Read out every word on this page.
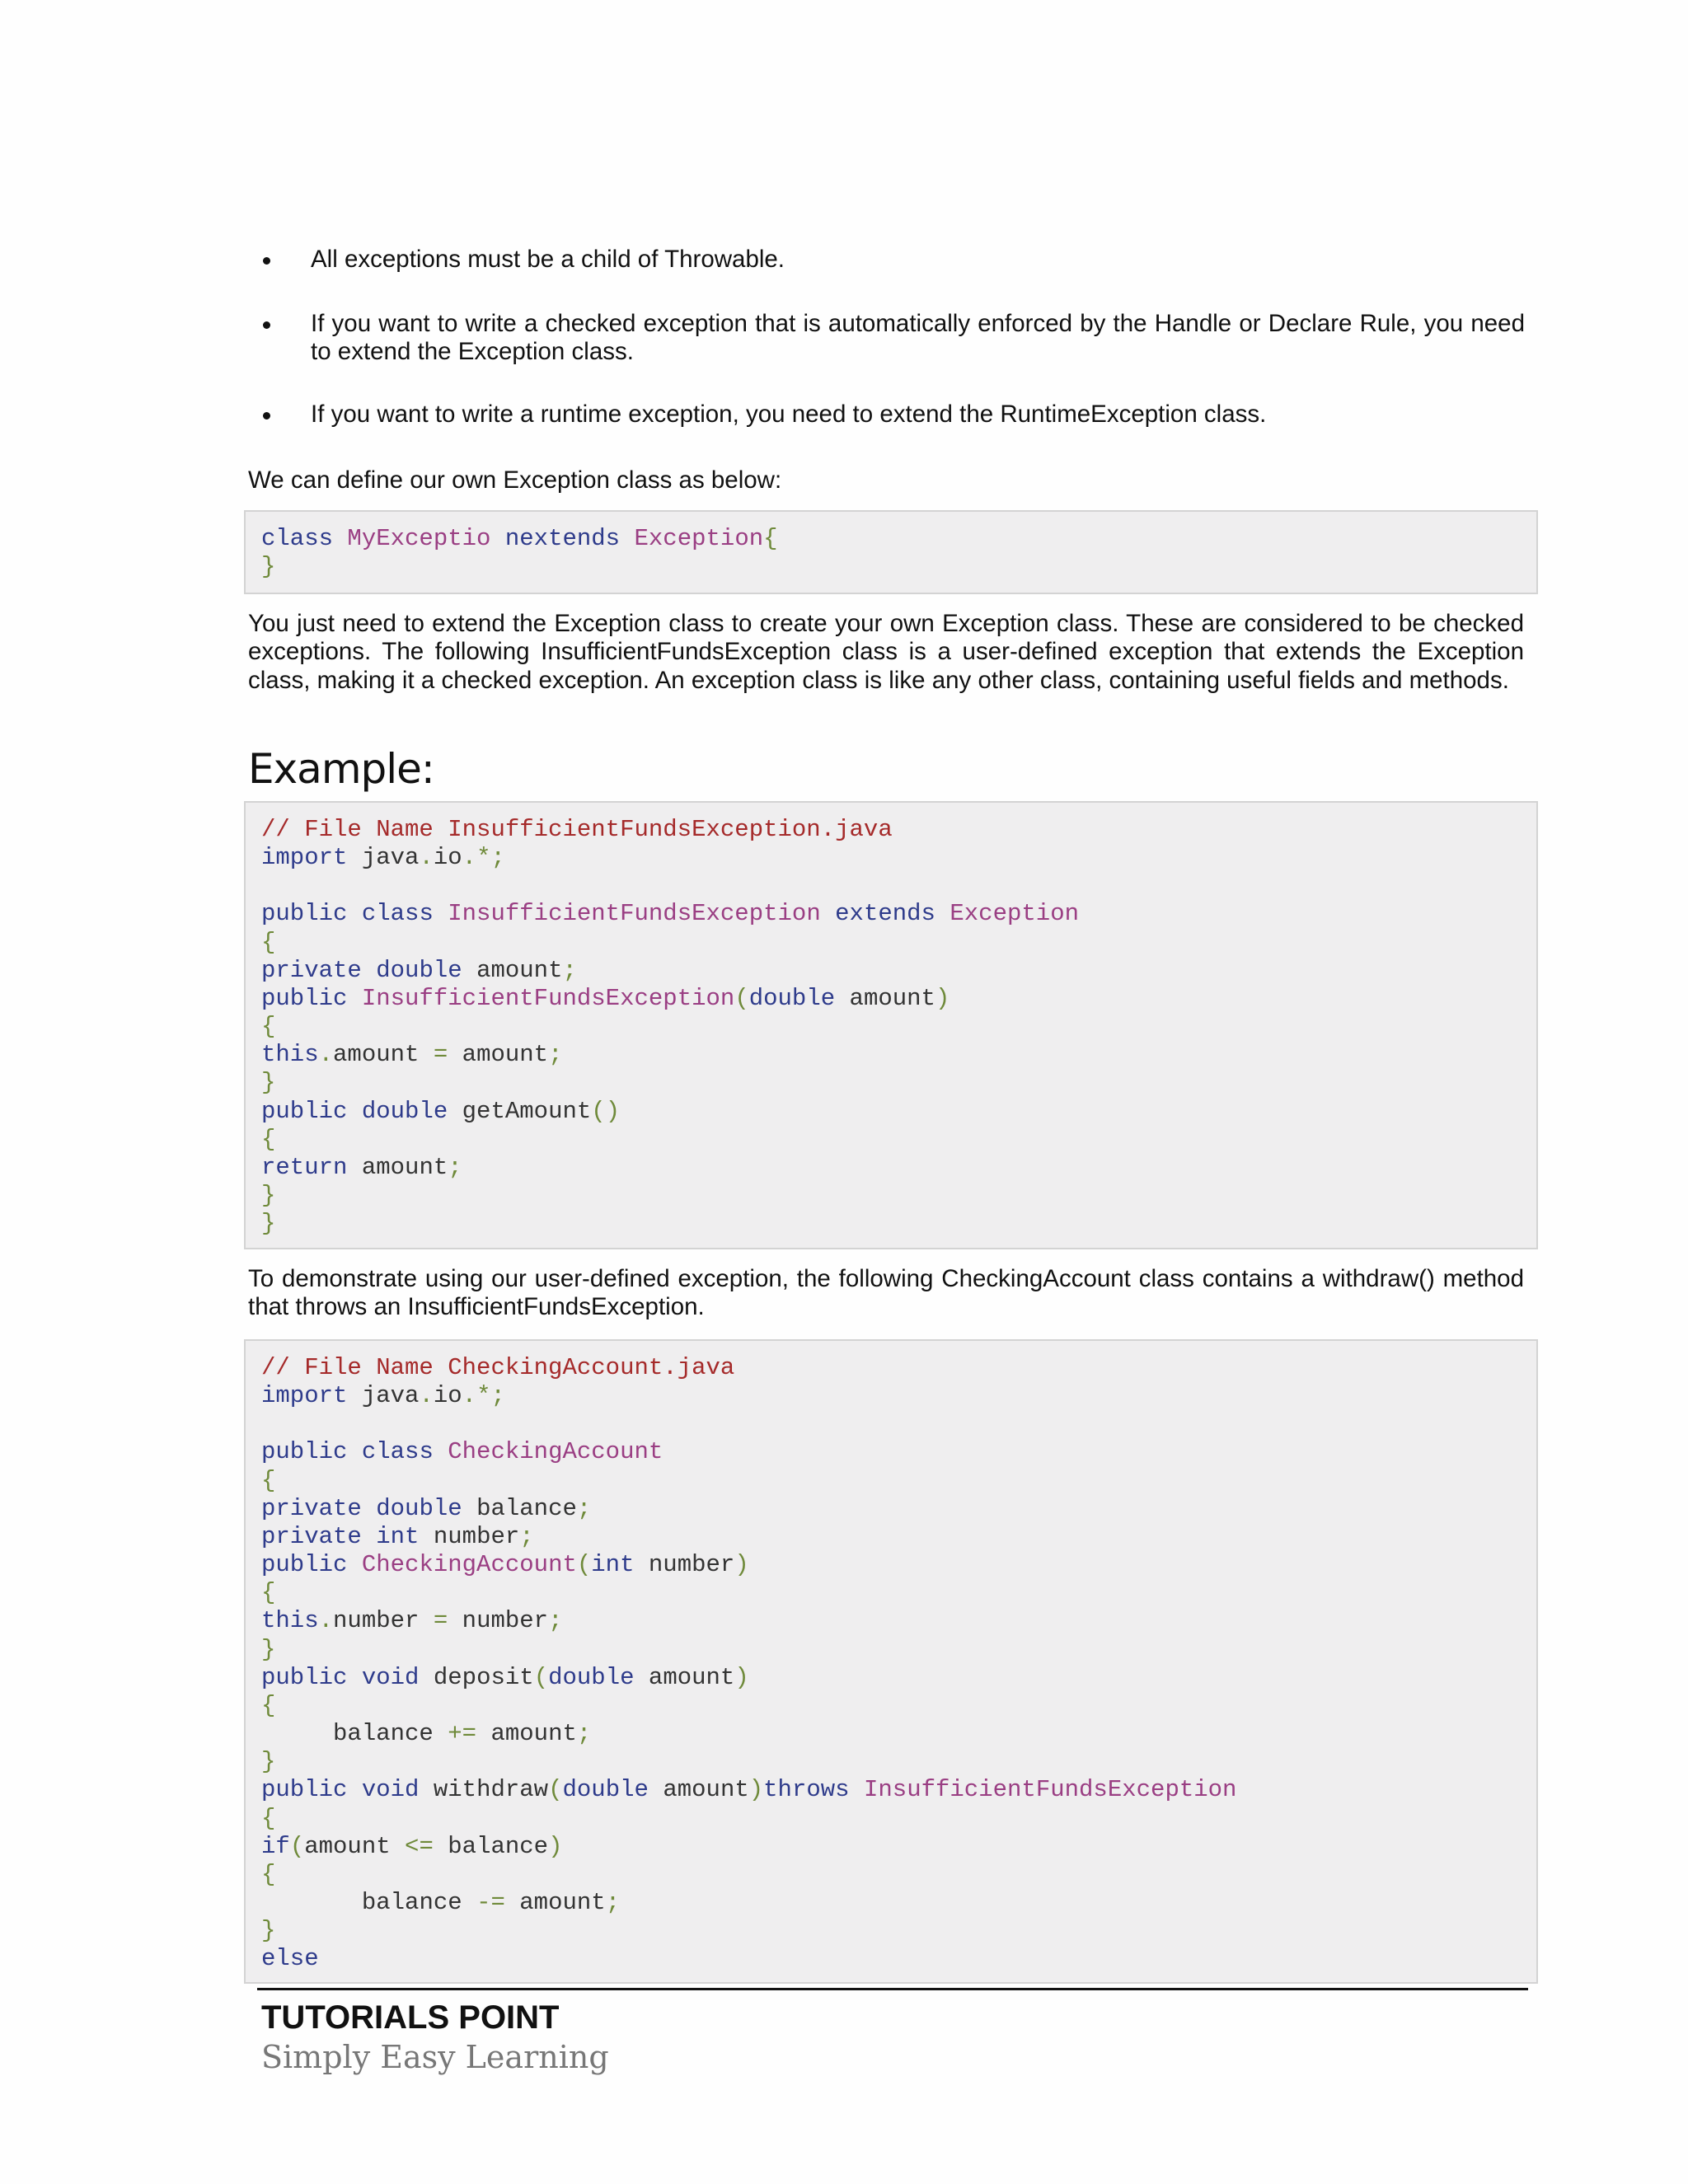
All exceptions must be a child of Throwable.
If you want to write a checked exception that is automatically enforced by the Handle or Declare Rule, you need to extend the Exception class.
If you want to write a runtime exception, you need to extend the RuntimeException class.

We can define our own Exception class as below:

class MyExceptio nextends Exception{
}

You just need to extend the Exception class to create your own Exception class. These are considered to be checked exceptions. The following InsufficientFundsException class is a user-defined exception that extends the Exception class, making it a checked exception. An exception class is like any other class, containing useful fields and methods.

Example:
// File Name InsufficientFundsException.java
import java.io.*;

public class InsufficientFundsException extends Exception
{
private double amount;
public InsufficientFundsException(double amount)
{
this.amount = amount;
}
public double getAmount()
{
return amount;
}
}

To demonstrate using our user-defined exception, the following CheckingAccount class contains a withdraw() method that throws an InsufficientFundsException.

// File Name CheckingAccount.java
import java.io.*;

public class CheckingAccount
{
private double balance;
private int number;
public CheckingAccount(int number)
{
this.number = number;
}
public void deposit(double amount)
{
balance += amount;
}
public void withdraw(double amount)throws InsufficientFundsException
{
if(amount <= balance)
{
balance -= amount;
}
else

TUTORIALS POINT

Simply Easy Learning
